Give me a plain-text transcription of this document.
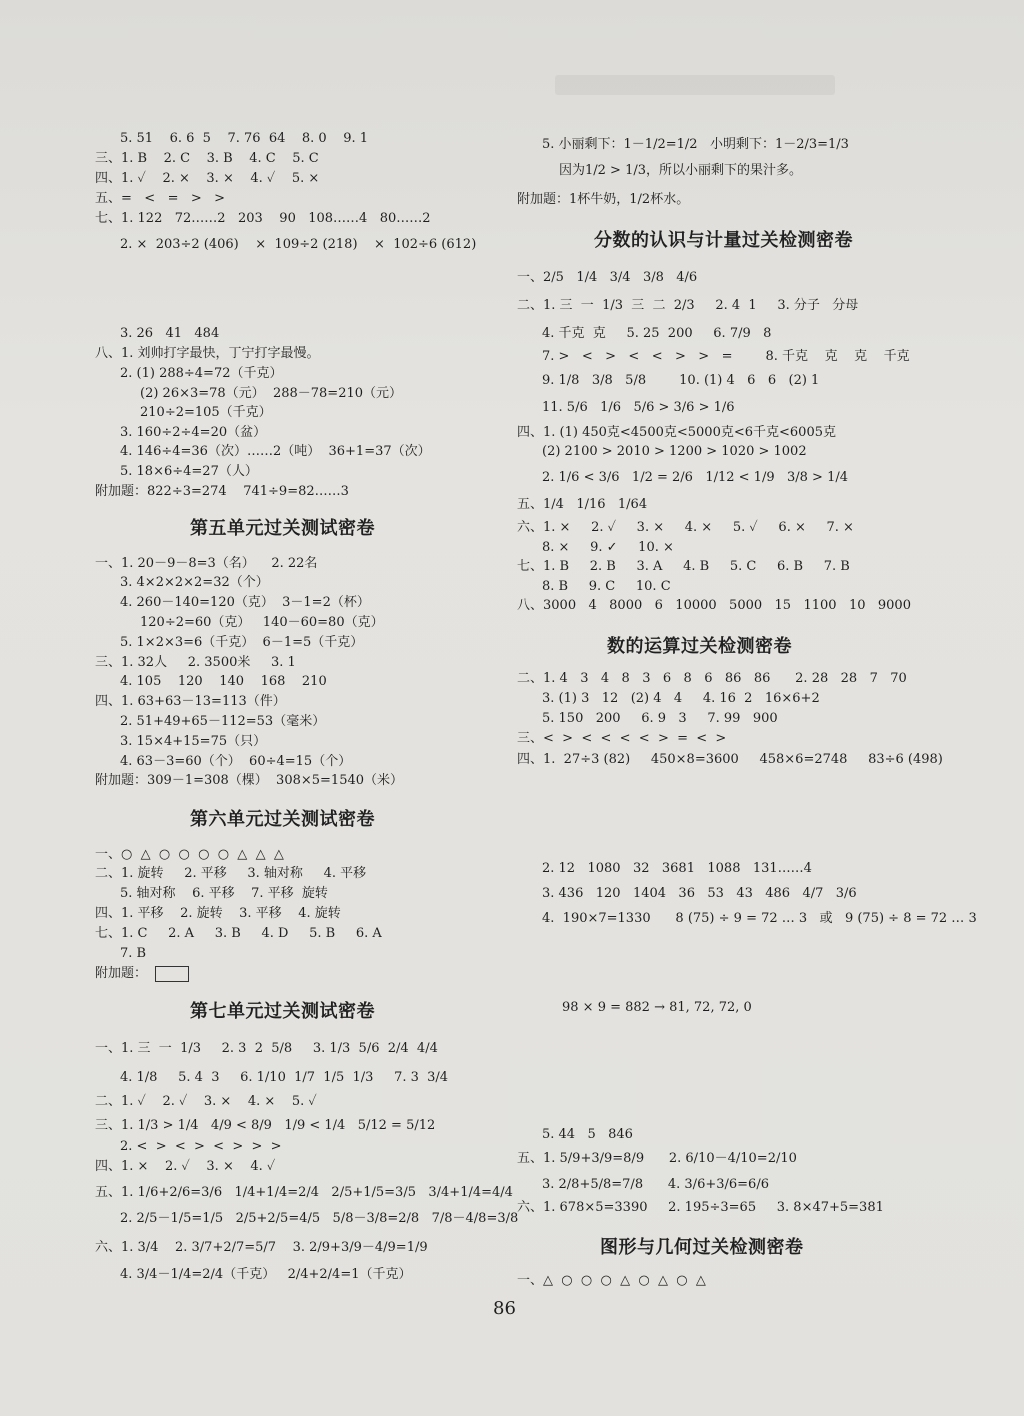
5. 51    6. 6  5    7. 76  64    8. 0    9. 1
三、1. B    2. C    3. B    4. C    5. C
四、1. ✓    2. ×    3. ×    4. ✓    5. ×
五、=   <   =   >   >
七、1. 122   72……2   203    90   108……4   80……2
2. ×  203÷2 (406)    ×  109÷2 (218)    ×  102÷6 (612)
3. 26   41   484
八、1. 刘帅打字最快，丁宁打字最慢。
2. (1) 288÷4=72（千克）
(2) 26×3=78（元）  288－78=210（元）
210÷2=105（千克）
3. 160÷2÷4=20（盆）
4. 146÷4=36（次）……2（吨）  36+1=37（次）
5. 18×6÷4=27（人）
附加题：822÷3=274    741÷9=82……3
第五单元过关测试密卷
一、1. 20－9－8=3（名）    2. 22名
3. 4×2×2×2=32（个）
4. 260－140=120（克）  3－1=2（杯）
120÷2=60（克）   140－60=80（克）
5. 1×2×3=6（千克）  6－1=5（千克）
三、1. 32人     2. 3500米     3. 1
4. 105    120    140    168    210
四、1. 63+63－13=113（件）
2. 51+49+65－112=53（毫米）
3. 15×4+15=75（只）
4. 63－3=60（个）  60÷4=15（个）
附加题：309－1=308（棵）  308×5=1540（米）
第六单元过关测试密卷
一、○  △  ○  ○  ○  ○  △  △  △
二、1. 旋转     2. 平移     3. 轴对称     4. 平移
5. 轴对称    6. 平移    7. 平移  旋转
四、1. 平移    2. 旋转    3. 平移    4. 旋转
七、1. C     2. A     3. B     4. D     5. B     6. A
7. B
附加题：
第七单元过关测试密卷
一、1. 三  一  1/3     2. 3  2  5/8     3. 1/3  5/6  2/4  4/4
4. 1/8     5. 4  3     6. 1/10  1/7  1/5  1/3     7. 3  3/4
二、1. ✓    2. ✓    3. ×    4. ×    5. ✓
三、1. 1/3 > 1/4   4/9 < 8/9   1/9 < 1/4   5/12 = 5/12
2. <  >  <  >  <  >  >  >
四、1. ×    2. ✓    3. ×    4. ✓
五、1. 1/6+2/6=3/6   1/4+1/4=2/4   2/5+1/5=3/5   3/4+1/4=4/4
2. 2/5－1/5=1/5   2/5+2/5=4/5   5/8－3/8=2/8   7/8－4/8=3/8
六、1. 3/4    2. 3/7+2/7=5/7    3. 2/9+3/9－4/9=1/9
4. 3/4－1/4=2/4（千克）   2/4+2/4=1（千克）
5. 小丽剩下：1－1/2=1/2   小明剩下：1－2/3=1/3
因为1/2 > 1/3，所以小丽剩下的果汁多。
附加题：1杯牛奶，1/2杯水。
分数的认识与计量过关检测密卷
一、2/5   1/4   3/4   3/8   4/6
二、1. 三  一  1/3  三  二  2/3     2. 4  1     3. 分子   分母
4. 千克  克     5. 25  200     6. 7/9   8
7. >   <   >   <   <   >   >   =        8. 千克    克    克    千克
9. 1/8   3/8   5/8        10. (1) 4   6   6   (2) 1
11. 5/6   1/6   5/6 > 3/6 > 1/6
四、1. (1) 450克<4500克<5000克<6千克<6005克
(2) 2100 > 2010 > 1200 > 1020 > 1002
2. 1/6 < 3/6   1/2 = 2/6   1/12 < 1/9   3/8 > 1/4
五、1/4   1/16   1/64
六、1. ×     2. ✓     3. ×     4. ×     5. ✓     6. ×     7. ×
8. ×     9. ✓     10. ×
七、1. B     2. B     3. A     4. B     5. C     6. B     7. B
8. B     9. C     10. C
八、3000   4   8000   6   10000   5000   15   1100   10   9000
数的运算过关检测密卷
二、1. 4   3   4   8   3   6   8   6   86   86      2. 28   28   7   70
3. (1) 3   12   (2) 4   4     4. 16  2   16×6+2
5. 150   200     6. 9   3     7. 99   900
三、<  >  <  <  <  <  >  =  <  >
四、1.  27÷3 (82)     450×8=3600     458×6=2748     83÷6 (498)
2. 12   1080   32   3681   1088   131……4
3. 436   120   1404   36   53   43   486   4/7   3/6
4.  190×7=1330      8 (75) ÷ 9 = 72 … 3   或   9 (75) ÷ 8 = 72 … 3
98 × 9 = 882 → 81, 72, 72, 0
5. 44   5   846
五、1. 5/9+3/9=8/9      2. 6/10－4/10=2/10
3. 2/8+5/8=7/8      4. 3/6+3/6=6/6
六、1. 678×5=3390     2. 195÷3=65     3. 8×47+5=381
图形与几何过关检测密卷
一、△  ○  ○  ○  △  ○  △  ○  △
86
